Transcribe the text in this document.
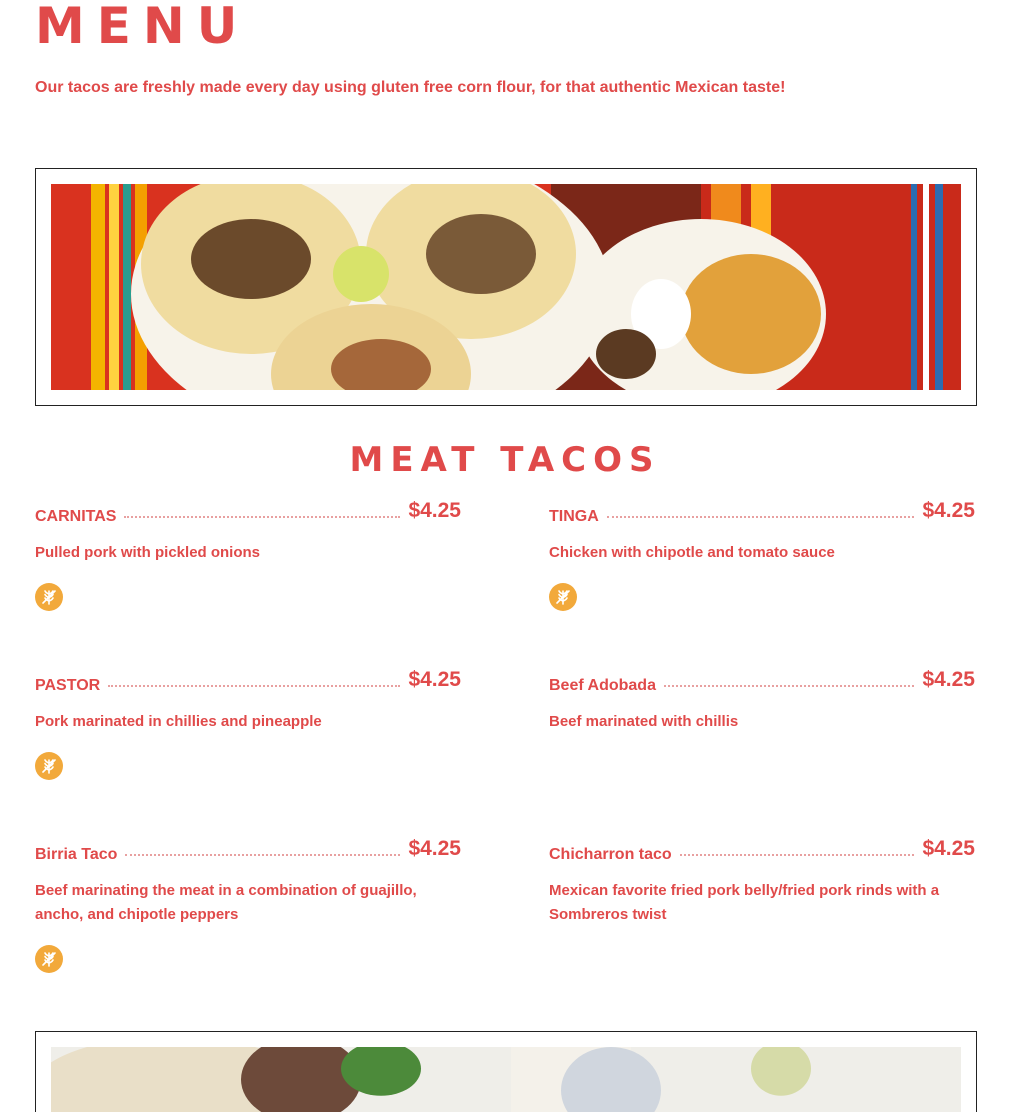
MENU

Our tacos are freshly made every day using gluten free corn flour, for that authentic Mexican taste!

MEAT TACOS
CARNITAS	$4.25

Pulled pork with pickled onions

PASTOR	$4.25

Pork marinated in chillies and pineapple

Birria Taco	$4.25

Beef marinating the meat in a combination of guajillo, ancho, and chipotle peppers

TINGA	$4.25

Chicken with chipotle and tomato sauce

Beef Adobada	$4.25

Beef marinated with chillis

Chicharron taco	$4.25

Mexican favorite fried pork belly/fried pork rinds with a Sombreros twist
